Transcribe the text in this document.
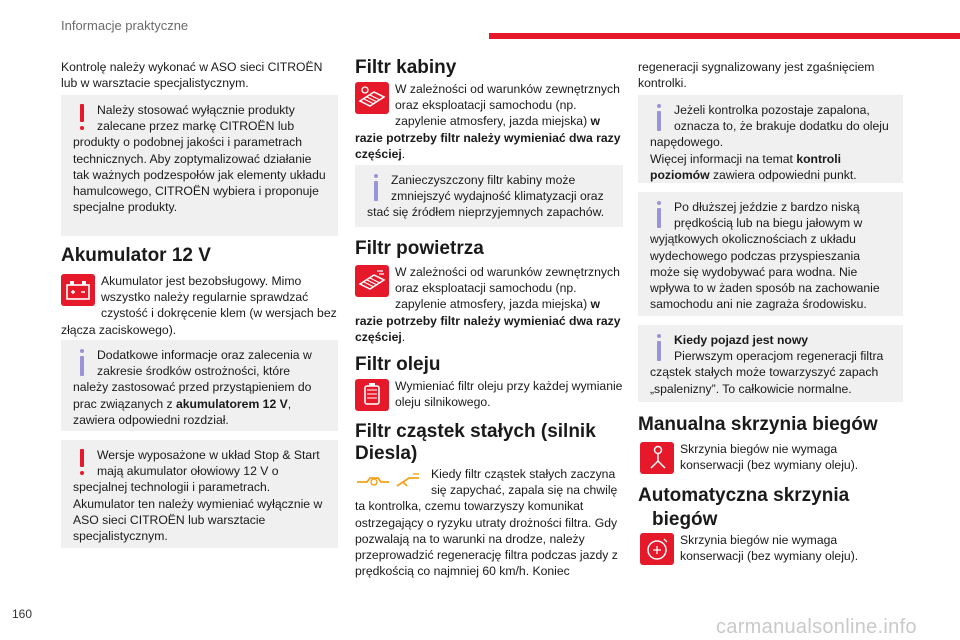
Informacje praktyczne

Kontrolę należy wykonać w ASO sieci CITROËN lub w warsztacie specjalistycznym.

Należy stosować wyłącznie produkty zalecane przez markę CITROËN lub produkty o podobnej jakości i parametrach technicznych. Aby zoptymalizować działanie tak ważnych podzespołów jak elementy układu hamulcowego, CITROËN wybiera i proponuje specjalne produkty.

Akumulator 12 V

Akumulator jest bezobsługowy. Mimo wszystko należy regularnie sprawdzać czystość i dokręcenie klem (w wersjach bez złącza zaciskowego).

Dodatkowe informacje oraz zalecenia w zakresie środków ostrożności, które należy zastosować przed przystąpieniem do prac związanych z akumulatorem 12 V, zawiera odpowiedni rozdział.

Wersje wyposażone w układ Stop & Start mają akumulator ołowiowy 12 V o specjalnej technologii i parametrach. Akumulator ten należy wymieniać wyłącznie w ASO sieci CITROËN lub warsztacie specjalistycznym.

Filtr kabiny

W zależności od warunków zewnętrznych oraz eksploatacji samochodu (np. zapylenie atmosfery, jazda miejska) w razie potrzeby filtr należy wymieniać dwa razy częściej.

Zanieczyszczony filtr kabiny może zmniejszyć wydajność klimatyzacji oraz stać się źródłem nieprzyjemnych zapachów.

Filtr powietrza

W zależności od warunków zewnętrznych oraz eksploatacji samochodu (np. zapylenie atmosfery, jazda miejska) w razie potrzeby filtr należy wymieniać dwa razy częściej.

Filtr oleju

Wymieniać filtr oleju przy każdej wymianie oleju silnikowego.

Filtr cząstek stałych (silnik Diesla)

Kiedy filtr cząstek stałych zaczyna się zapychać, zapala się na chwilę ta kontrolka, czemu towarzyszy komunikat ostrzegający o ryzyku utraty drożności filtra. Gdy pozwalają na to warunki na drodze, należy przeprowadzić regenerację filtra podczas jazdy z prędkością co najmniej 60 km/h. Koniec

regeneracji sygnalizowany jest zgaśnięciem kontrolki.

Jeżeli kontrolka pozostaje zapalona, oznacza to, że brakuje dodatku do oleju napędowego.
Więcej informacji na temat kontroli poziomów zawiera odpowiedni punkt.

Po dłuższej jeździe z bardzo niską prędkością lub na biegu jałowym w wyjątkowych okolicznościach z układu wydechowego podczas przyspieszania może się wydobywać para wodna. Nie wpływa to w żaden sposób na zachowanie samochodu ani nie zagraża środowisku.

Kiedy pojazd jest nowy
Pierwszym operacjom regeneracji filtra cząstek stałych może towarzyszyć zapach „spalenizny”. To całkowicie normalne.

Manualna skrzynia biegów

Skrzynia biegów nie wymaga konserwacji (bez wymiany oleju).

Automatyczna skrzynia
biegów

Skrzynia biegów nie wymaga konserwacji (bez wymiany oleju).

160
carmanualsonline.info
